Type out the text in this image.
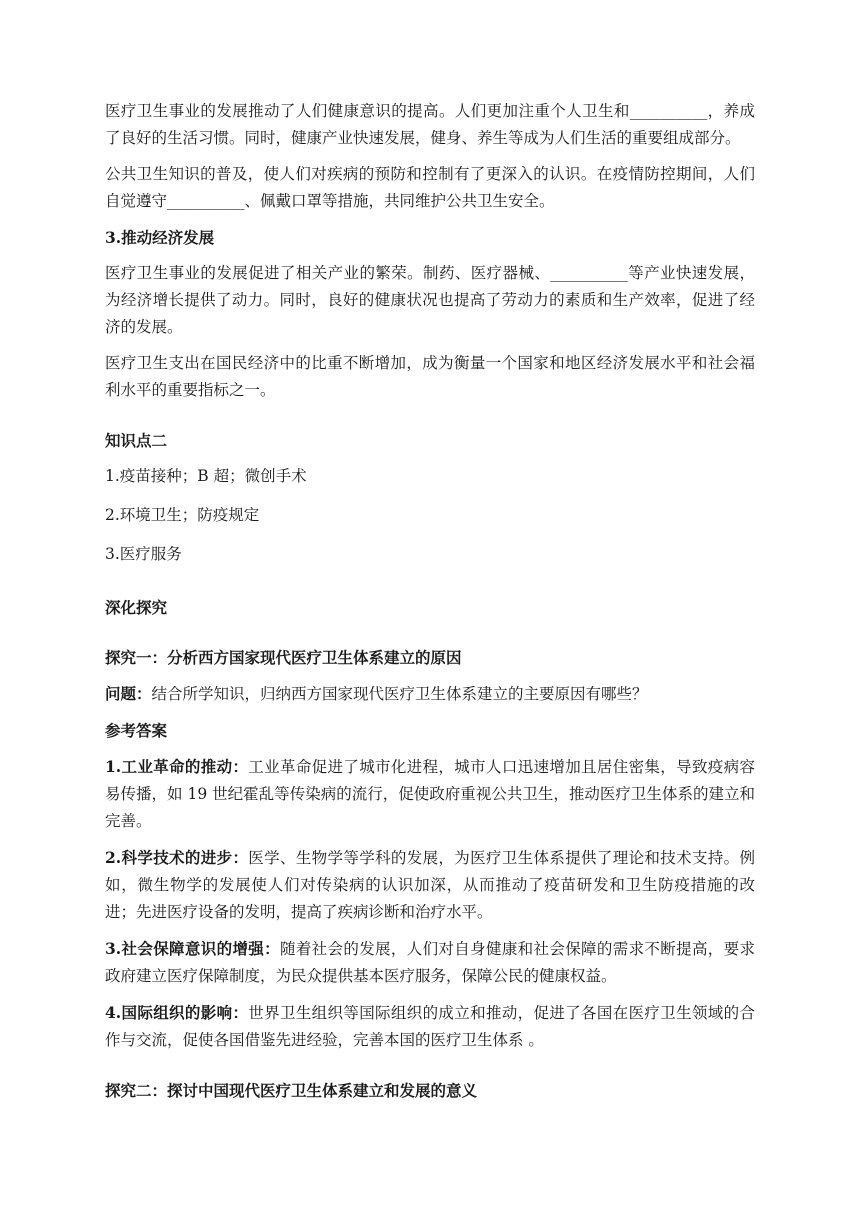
医疗卫生事业的发展推动了人们健康意识的提高。人们更加注重个人卫生和__________，养成了良好的生活习惯。同时，健康产业快速发展，健身、养生等成为人们生活的重要组成部分。

公共卫生知识的普及，使人们对疾病的预防和控制有了更深入的认识。在疫情防控期间，人们自觉遵守__________、佩戴口罩等措施，共同维护公共卫生安全。

3.推动经济发展

医疗卫生事业的发展促进了相关产业的繁荣。制药、医疗器械、__________等产业快速发展，为经济增长提供了动力。同时，良好的健康状况也提高了劳动力的素质和生产效率，促进了经济的发展。

医疗卫生支出在国民经济中的比重不断增加，成为衡量一个国家和地区经济发展水平和社会福利水平的重要指标之一。

知识点二

1.疫苗接种；B 超；微创手术

2.环境卫生；防疫规定

3.医疗服务

深化探究

探究一：分析西方国家现代医疗卫生体系建立的原因

问题：结合所学知识，归纳西方国家现代医疗卫生体系建立的主要原因有哪些？

参考答案

1.工业革命的推动：工业革命促进了城市化进程，城市人口迅速增加且居住密集，导致疫病容易传播，如 19 世纪霍乱等传染病的流行，促使政府重视公共卫生，推动医疗卫生体系的建立和完善。

2.科学技术的进步：医学、生物学等学科的发展，为医疗卫生体系提供了理论和技术支持。例如，微生物学的发展使人们对传染病的认识加深，从而推动了疫苗研发和卫生防疫措施的改进；先进医疗设备的发明，提高了疾病诊断和治疗水平。

3.社会保障意识的增强：随着社会的发展，人们对自身健康和社会保障的需求不断提高，要求政府建立医疗保障制度，为民众提供基本医疗服务，保障公民的健康权益。

4.国际组织的影响：世界卫生组织等国际组织的成立和推动，促进了各国在医疗卫生领域的合作与交流，促使各国借鉴先进经验，完善本国的医疗卫生体系 。

探究二：探讨中国现代医疗卫生体系建立和发展的意义
